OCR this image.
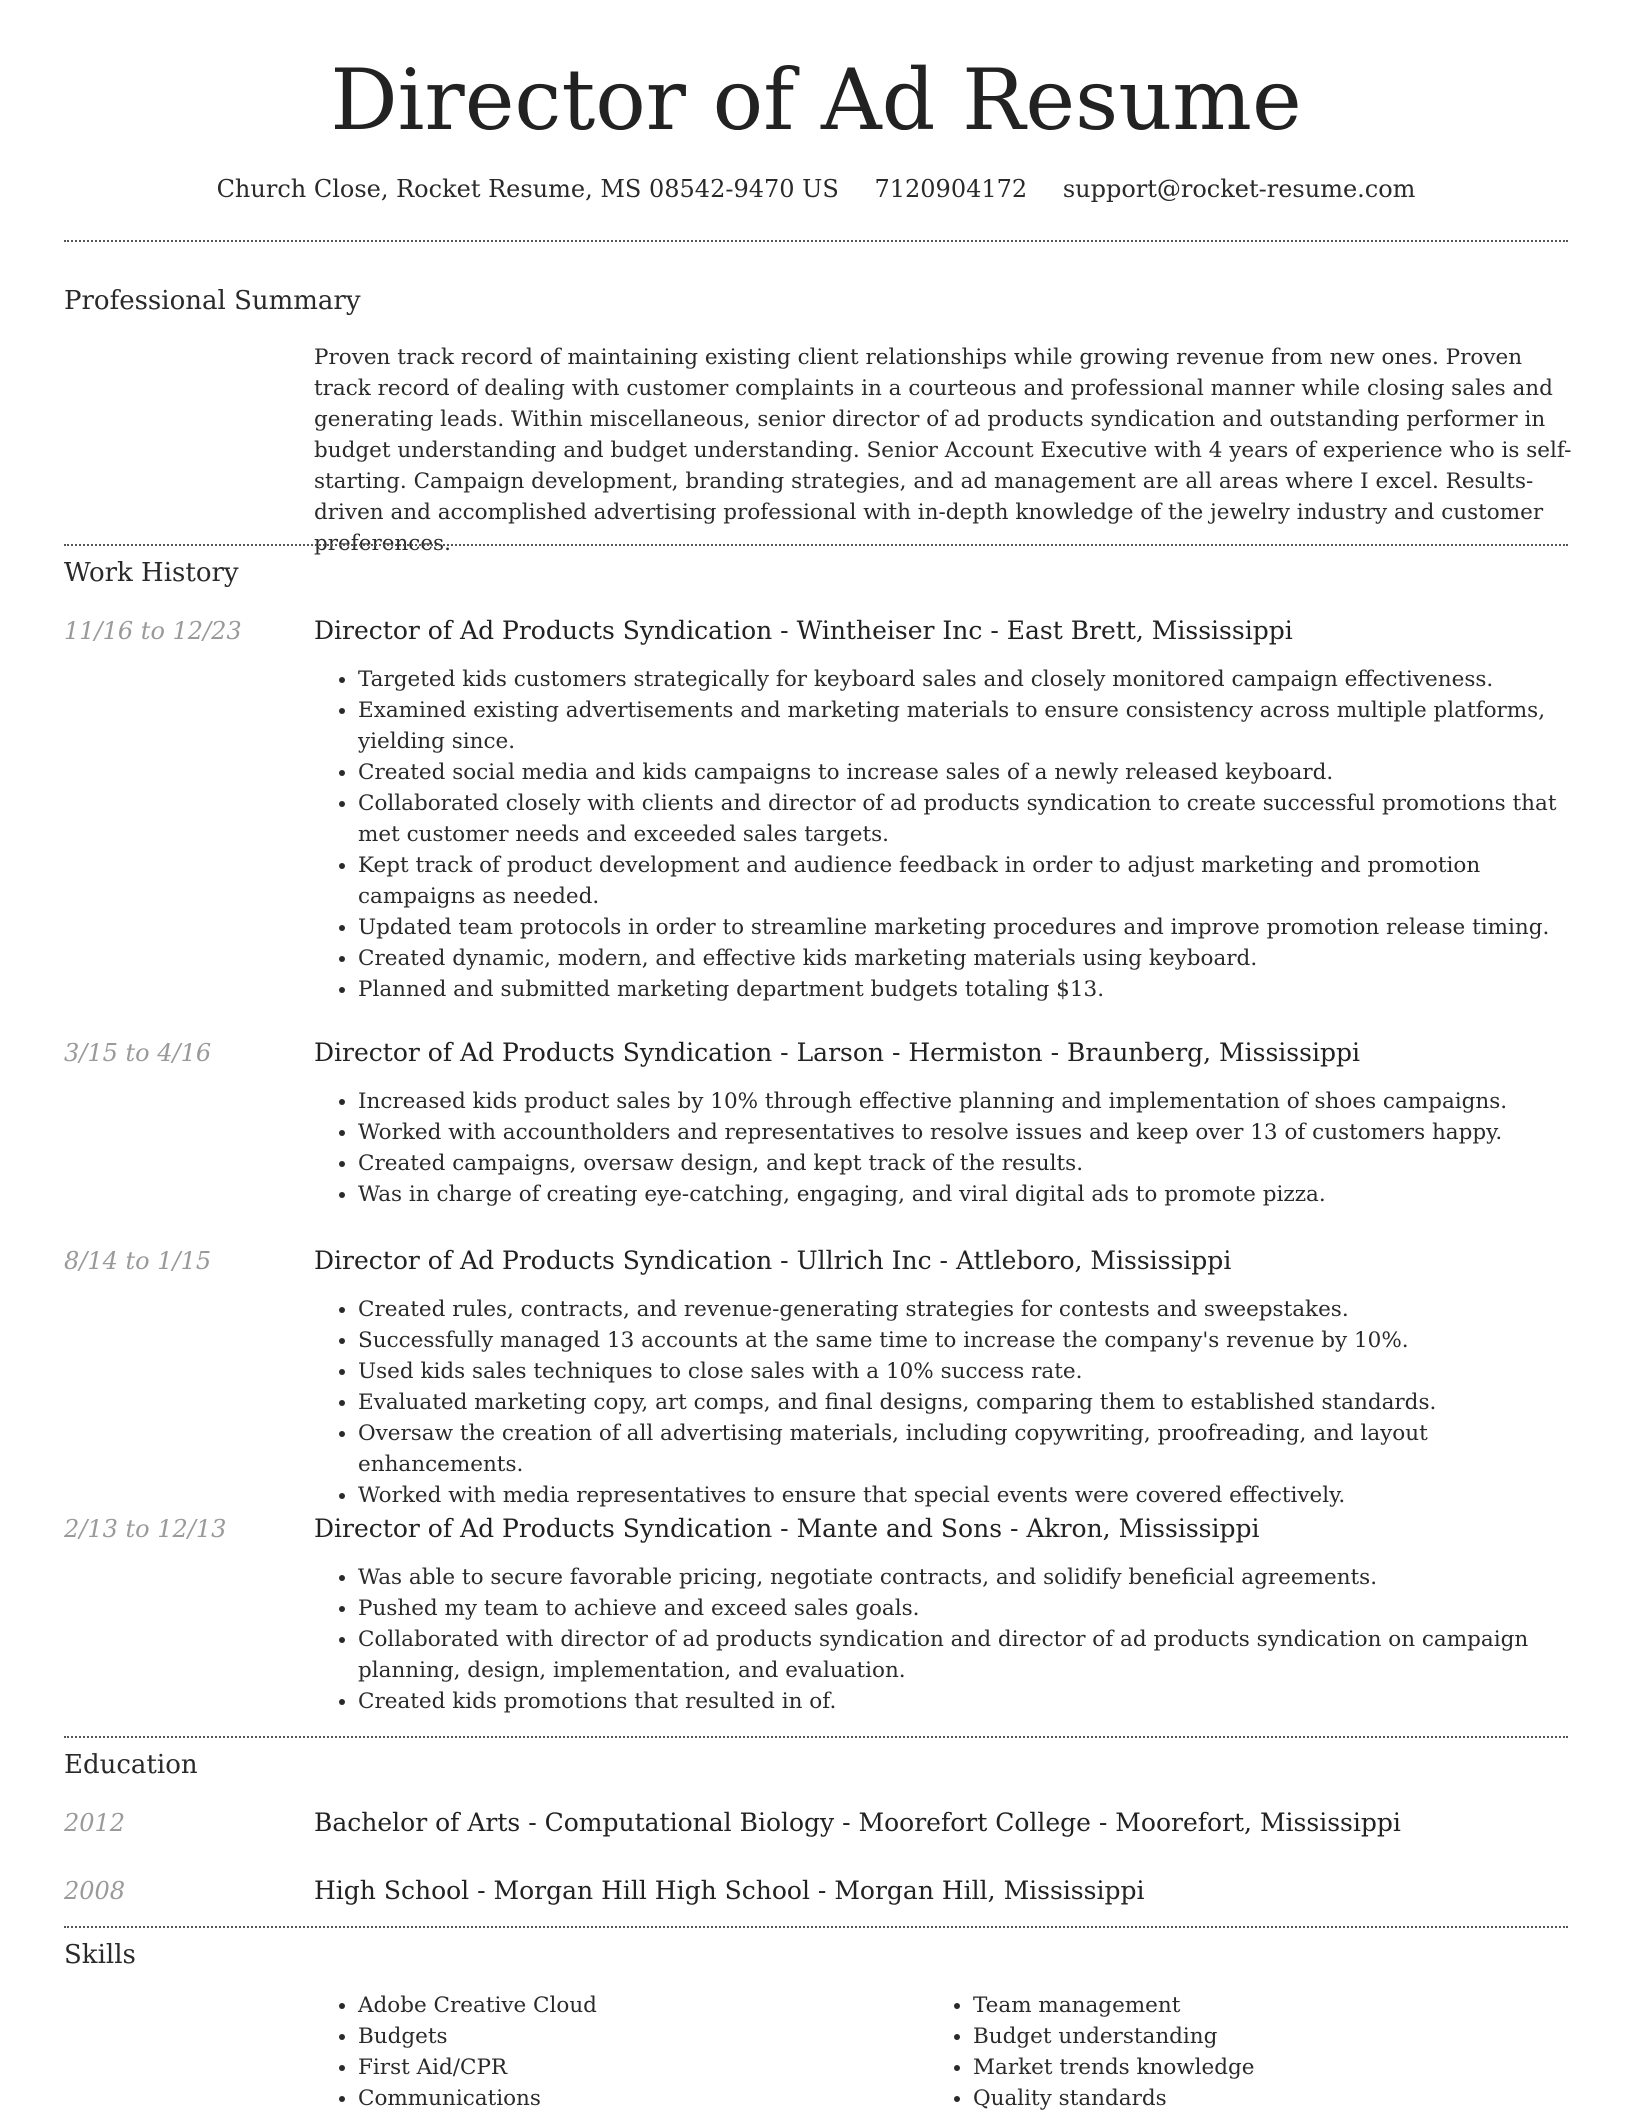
Director of Ad Resume
Church Close, Rocket Resume, MS 08542-9470 US 7120904172 support@rocket-resume.com
Professional Summary

Proven track record of maintaining existing client relationships while growing revenue from new ones. Proven track record of dealing with customer complaints in a courteous and professional manner while closing sales and generating leads. Within miscellaneous, senior director of ad products syndication and outstanding performer in budget understanding and budget understanding. Senior Account Executive with 4 years of experience who is self-starting. Campaign development, branding strategies, and ad management are all areas where I excel. Results-driven and accomplished advertising professional with in-depth knowledge of the jewelry industry and customer preferences.

Work History
11/16 to 12/23	Director of Ad Products Syndication - Wintheiser Inc - East Brett, Mississippi
• Targeted kids customers strategically for keyboard sales and closely monitored campaign effectiveness.
• Examined existing advertisements and marketing materials to ensure consistency across multiple platforms, yielding since.
• Created social media and kids campaigns to increase sales of a newly released keyboard.
• Collaborated closely with clients and director of ad products syndication to create successful promotions that met customer needs and exceeded sales targets.
• Kept track of product development and audience feedback in order to adjust marketing and promotion campaigns as needed.
• Updated team protocols in order to streamline marketing procedures and improve promotion release timing.
• Created dynamic, modern, and effective kids marketing materials using keyboard.
• Planned and submitted marketing department budgets totaling $13.
3/15 to 4/16	Director of Ad Products Syndication - Larson - Hermiston - Braunberg, Mississippi
• Increased kids product sales by 10% through effective planning and implementation of shoes campaigns.
• Worked with accountholders and representatives to resolve issues and keep over 13 of customers happy.
• Created campaigns, oversaw design, and kept track of the results.
• Was in charge of creating eye-catching, engaging, and viral digital ads to promote pizza.
8/14 to 1/15	Director of Ad Products Syndication - Ullrich Inc - Attleboro, Mississippi
• Created rules, contracts, and revenue-generating strategies for contests and sweepstakes.
• Successfully managed 13 accounts at the same time to increase the company's revenue by 10%.
• Used kids sales techniques to close sales with a 10% success rate.
• Evaluated marketing copy, art comps, and final designs, comparing them to established standards.
• Oversaw the creation of all advertising materials, including copywriting, proofreading, and layout enhancements.
• Worked with media representatives to ensure that special events were covered effectively.
2/13 to 12/13	Director of Ad Products Syndication - Mante and Sons - Akron, Mississippi
• Was able to secure favorable pricing, negotiate contracts, and solidify beneficial agreements.
• Pushed my team to achieve and exceed sales goals.
• Collaborated with director of ad products syndication and director of ad products syndication on campaign planning, design, implementation, and evaluation.
• Created kids promotions that resulted in of.
Education
2012	Bachelor of Arts - Computational Biology - Moorefort College - Moorefort, Mississippi
2008	High School - Morgan Hill High School - Morgan Hill, Mississippi
Skills
• Adobe Creative Cloud
• Budgets
• First Aid/CPR
• Communications
• Team management
• Budget understanding
• Market trends knowledge
• Quality standards
